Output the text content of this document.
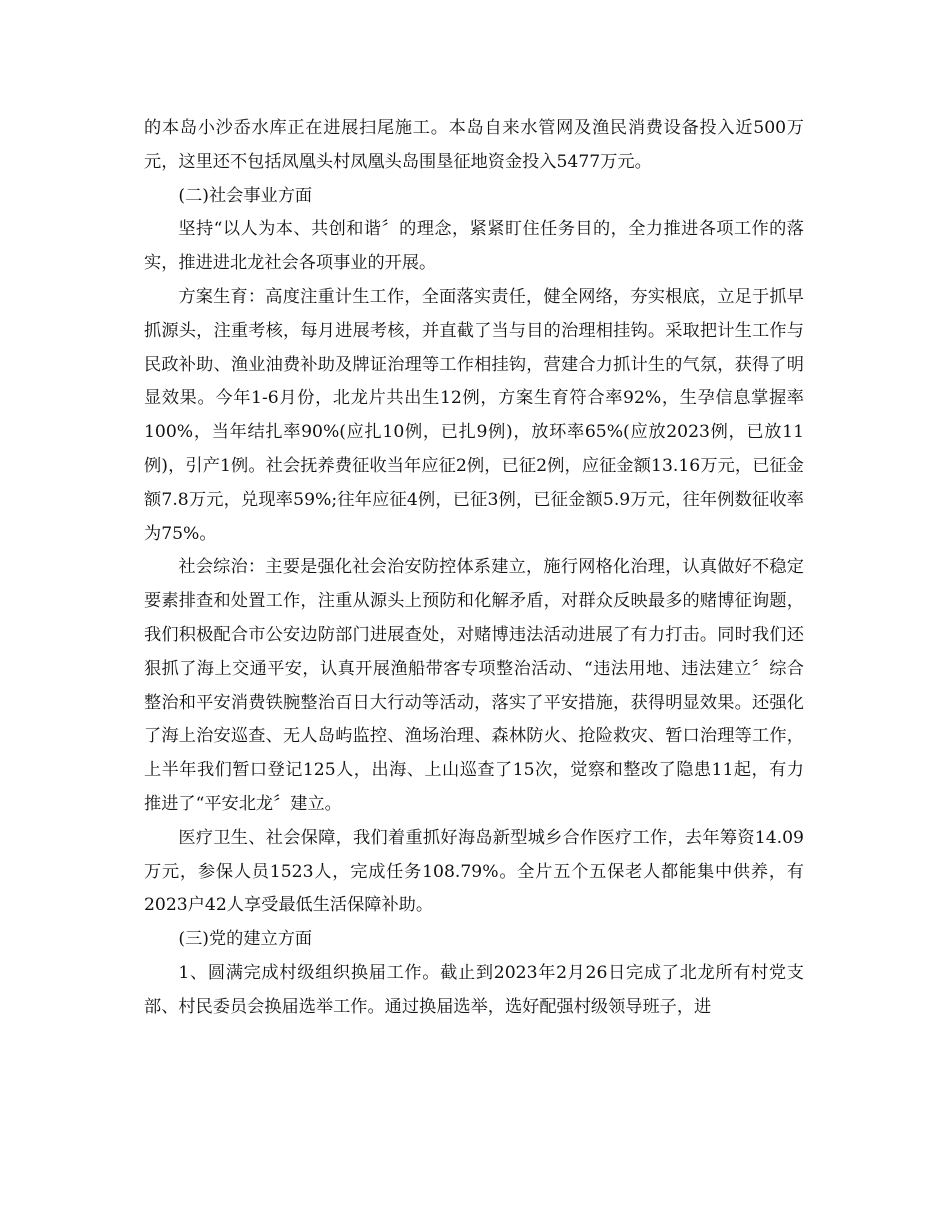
的本岛小沙岙水库正在进展扫尾施工。本岛自来水管网及渔民消费设备投入近500万元，这里还不包括凤凰头村凤凰头岛围垦征地资金投入5477万元。

(二)社会事业方面

坚持“以人为本、共创和谐〞的理念，紧紧盯住任务目的，全力推进各项工作的落实，推进进北龙社会各项事业的开展。

方案生育：高度注重计生工作，全面落实责任，健全网络，夯实根底，立足于抓早抓源头，注重考核，每月进展考核，并直截了当与目的治理相挂钩。采取把计生工作与民政补助、渔业油费补助及牌证治理等工作相挂钩，营建合力抓计生的气氛，获得了明显效果。今年1-6月份，北龙片共出生12例，方案生育符合率92%，生孕信息掌握率100%，当年结扎率90%(应扎10例，已扎9例)，放环率65%(应放2023例，已放11例)，引产1例。社会抚养费征收当年应征2例，已征2例，应征金额13.16万元，已征金额7.8万元，兑现率59%;往年应征4例，已征3例，已征金额5.9万元，往年例数征收率为75%。

社会综治：主要是强化社会治安防控体系建立，施行网格化治理，认真做好不稳定要素排查和处置工作，注重从源头上预防和化解矛盾，对群众反映最多的赌博征询题，我们积极配合市公安边防部门进展查处，对赌博违法活动进展了有力打击。同时我们还狠抓了海上交通平安，认真开展渔船带客专项整治活动、“违法用地、违法建立〞综合整治和平安消费铁腕整治百日大行动等活动，落实了平安措施，获得明显效果。还强化了海上治安巡查、无人岛屿监控、渔场治理、森林防火、抢险救灾、暂口治理等工作，上半年我们暂口登记125人，出海、上山巡查了15次，觉察和整改了隐患11起，有力推进了“平安北龙〞建立。

医疗卫生、社会保障，我们着重抓好海岛新型城乡合作医疗工作，去年筹资14.09万元，参保人员1523人，完成任务108.79%。全片五个五保老人都能集中供养，有2023户42人享受最低生活保障补助。

(三)党的建立方面

1、圆满完成村级组织换届工作。截止到2023年2月26日完成了北龙所有村党支部、村民委员会换届选举工作。通过换届选举，选好配强村级领导班子，进
